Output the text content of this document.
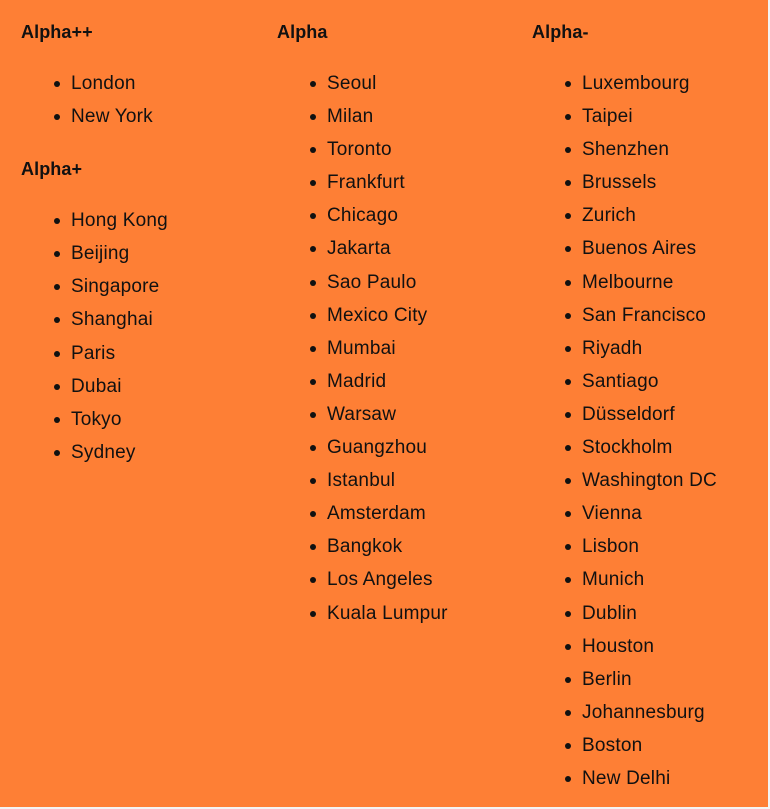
Alpha++
London
New York
Alpha+
Hong Kong
Beijing
Singapore
Shanghai
Paris
Dubai
Tokyo
Sydney
Alpha
Seoul
Milan
Toronto
Frankfurt
Chicago
Jakarta
Sao Paulo
Mexico City
Mumbai
Madrid
Warsaw
Guangzhou
Istanbul
Amsterdam
Bangkok
Los Angeles
Kuala Lumpur
Alpha-
Luxembourg
Taipei
Shenzhen
Brussels
Zurich
Buenos Aires
Melbourne
San Francisco
Riyadh
Santiago
Düsseldorf
Stockholm
Washington DC
Vienna
Lisbon
Munich
Dublin
Houston
Berlin
Johannesburg
Boston
New Delhi
